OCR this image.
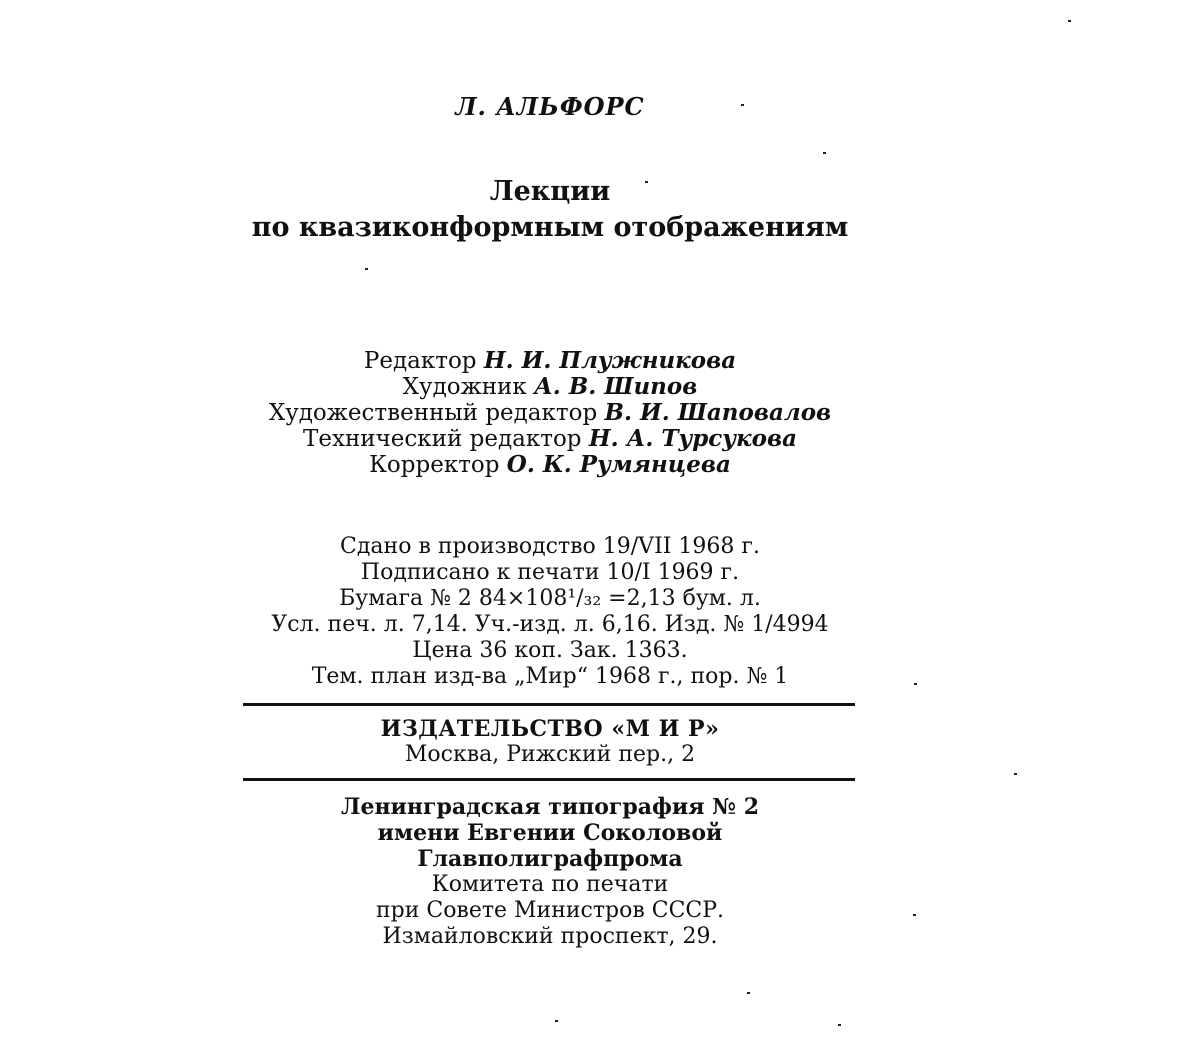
Л. АЛЬФОРС
Лекции
по квазиконформным отображениям
Редактор Н. И. Плужникова
Художник А. В. Шипов
Художественный редактор В. И. Шаповалов
Технический редактор Н. А. Турсукова
Корректор О. К. Румянцева
Сдано в производство 19/VII 1968 г.
Подписано к печати 10/I 1969 г.
Бумага № 2 84×108¹/₃₂ =2,13 бум. л.
Усл. печ. л. 7,14. Уч.-изд. л. 6,16. Изд. № 1/4994
Цена 36 коп. Зак. 1363.
Тем. план изд-ва „Мир“ 1968 г., пор. № 1
ИЗДАТЕЛЬСТВО «М И Р»
Москва, Рижский пер., 2
Ленинградская типография № 2
имени Евгении Соколовой
Главполиграфпрома
Комитета по печати
при Совете Министров СССР.
Измайловский проспект, 29.
